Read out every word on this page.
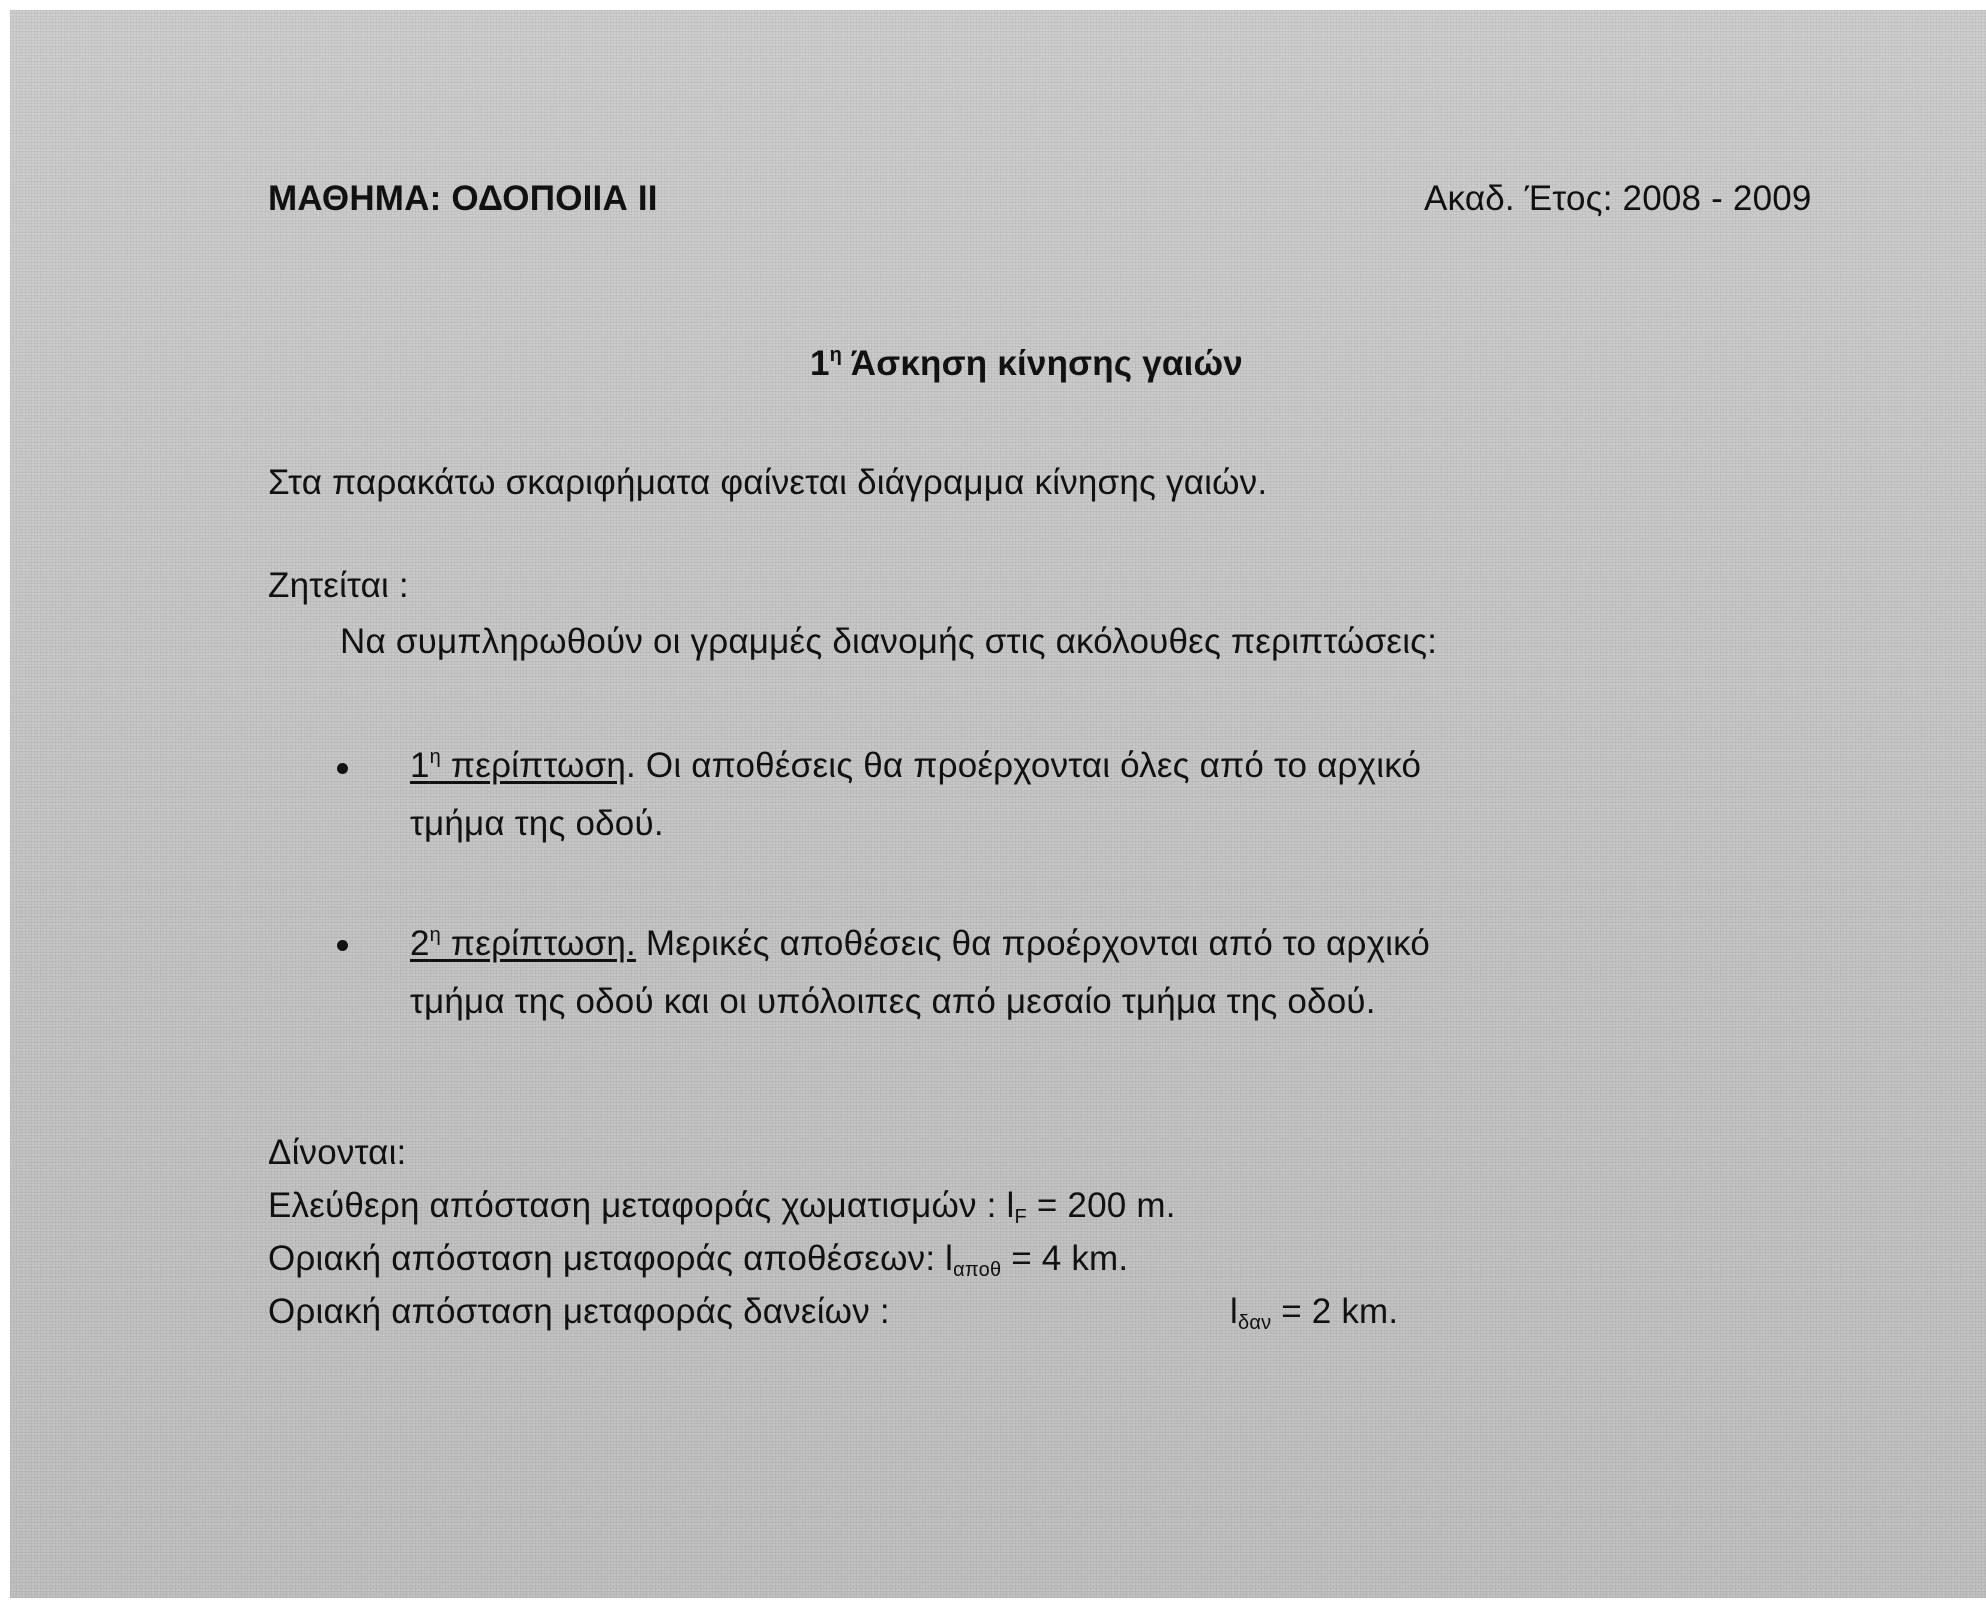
ΜΑΘΗΜΑ: ΟΔΟΠΟΙΙΑ ΙΙ	Ακαδ. Έτος: 2008 - 2009
$1^\eta$ Άσκηση κίνησης γαιών
Στα παρακάτω σκαριφήματα φαίνεται διάγραμμα κίνησης γαιών.
Ζητείται :
Να συμπληρωθούν οι γραμμές διανομής στις ακόλουθες περιπτώσεις:
$1^\eta$ περίπτωση. Οι αποθέσεις θα προέρχονται όλες από το αρχικό
τμήμα της οδού.
$2^\eta$ περίπτωση. Μερικές αποθέσεις θα προέρχονται από το αρχικό
τμήμα της οδού και οι υπόλοιπες από μεσαίο τμήμα της οδού.
Δίνονται:
Ελεύθερη απόσταση μεταφοράς χωματισμών : $l_F = 200$ m.
Οριακή απόσταση μεταφοράς αποθέσεων: $l_{\alpha\pi o\theta} = 4$ km.
Οριακή απόσταση μεταφοράς δανείων :	$l_{\delta\alpha\nu} = 2$ km.
